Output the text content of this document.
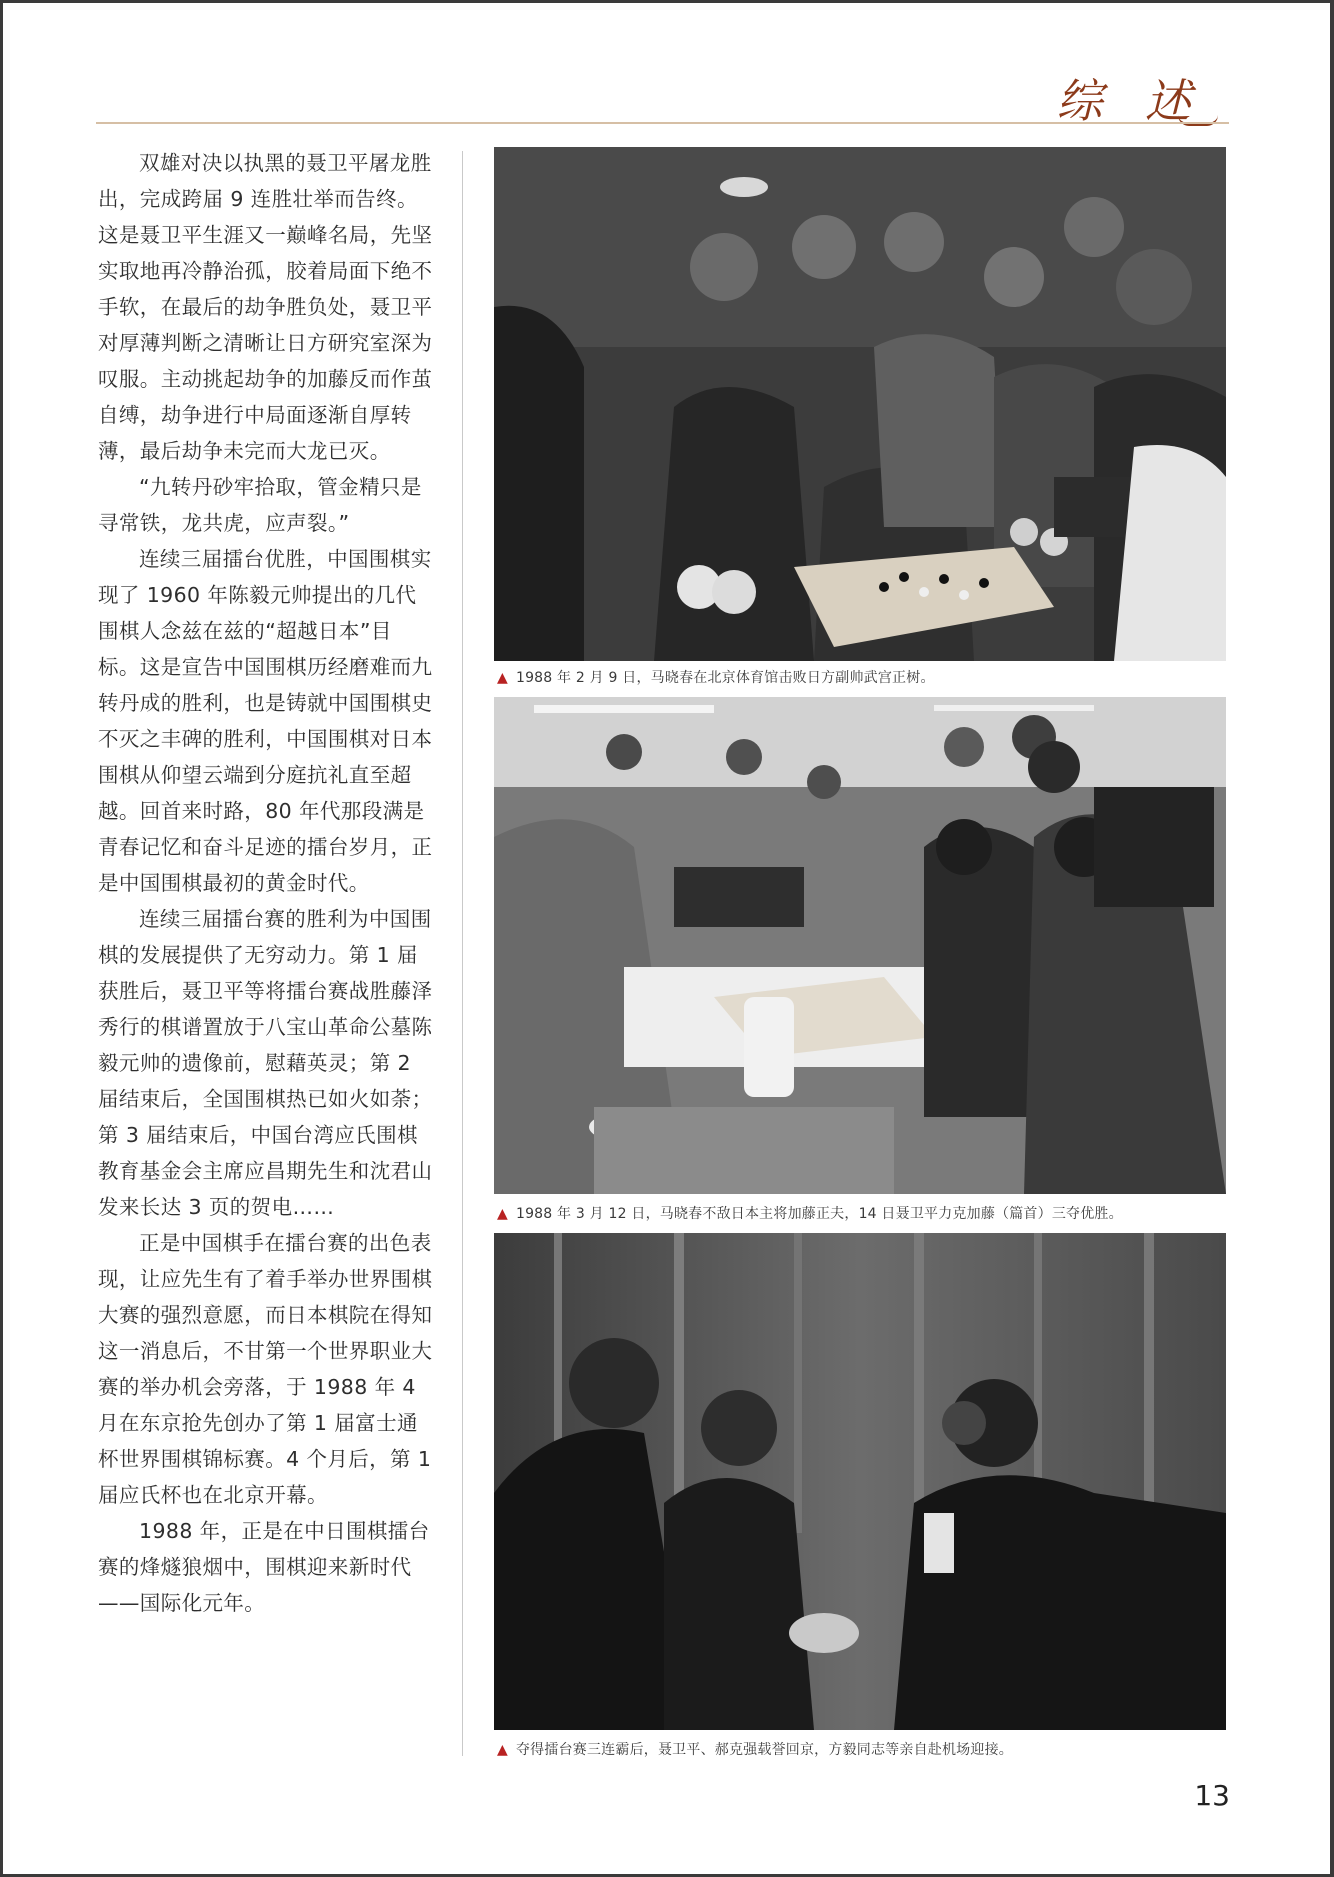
综 述

双雄对决以执黑的聂卫平屠龙胜出，完成跨届 9 连胜壮举而告终。这是聂卫平生涯又一巅峰名局，先坚实取地再冷静治孤，胶着局面下绝不手软，在最后的劫争胜负处，聂卫平对厚薄判断之清晰让日方研究室深为叹服。主动挑起劫争的加藤反而作茧自缚，劫争进行中局面逐渐自厚转薄，最后劫争未完而大龙已灭。

“九转丹砂牢拾取，管金精只是寻常铁，龙共虎，应声裂。”

连续三届擂台优胜，中国围棋实现了 1960 年陈毅元帅提出的几代围棋人念兹在兹的“超越日本”目标。这是宣告中国围棋历经磨难而九转丹成的胜利，也是铸就中国围棋史不灭之丰碑的胜利，中国围棋对日本围棋从仰望云端到分庭抗礼直至超越。回首来时路，80 年代那段满是青春记忆和奋斗足迹的擂台岁月，正是中国围棋最初的黄金时代。

连续三届擂台赛的胜利为中国围棋的发展提供了无穷动力。第 1 届获胜后，聂卫平等将擂台赛战胜藤泽秀行的棋谱置放于八宝山革命公墓陈毅元帅的遗像前，慰藉英灵；第 2 届结束后，全国围棋热已如火如荼；第 3 届结束后，中国台湾应氏围棋教育基金会主席应昌期先生和沈君山发来长达 3 页的贺电……

正是中国棋手在擂台赛的出色表现，让应先生有了着手举办世界围棋大赛的强烈意愿，而日本棋院在得知这一消息后，不甘第一个世界职业大赛的举办机会旁落，于 1988 年 4 月在东京抢先创办了第 1 届富士通杯世界围棋锦标赛。4 个月后，第 1 届应氏杯也在北京开幕。

1988 年，正是在中日围棋擂台赛的烽燧狼烟中，围棋迎来新时代——国际化元年。

▲ 1988 年 2 月 9 日，马晓春在北京体育馆击败日方副帅武宫正树。
▲ 1988 年 3 月 12 日，马晓春不敌日本主将加藤正夫，14 日聂卫平力克加藤（篇首）三夺优胜。
▲ 夺得擂台赛三连霸后，聂卫平、郝克强载誉回京，方毅同志等亲自赴机场迎接。
13
